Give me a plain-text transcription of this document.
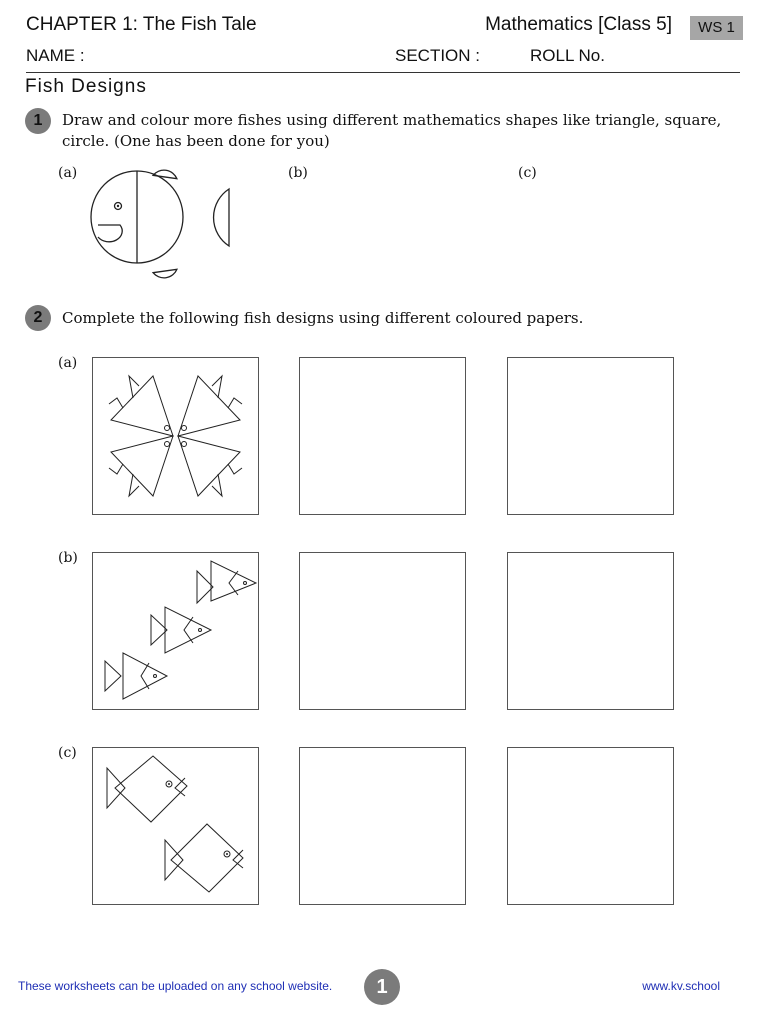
CHAPTER 1: The Fish Tale	Mathematics [Class 5]	WS 1
NAME :	SECTION :	ROLL No.
Fish Designs
1	Draw and colour more fishes using different mathematics shapes like triangle, square,
circle. (One has been done for you)
(a)	(b)	(c)
2	Complete the following fish designs using different coloured papers.
(a)
(b)
(c)
These worksheets can be uploaded on any school website.	1	www.kv.school
